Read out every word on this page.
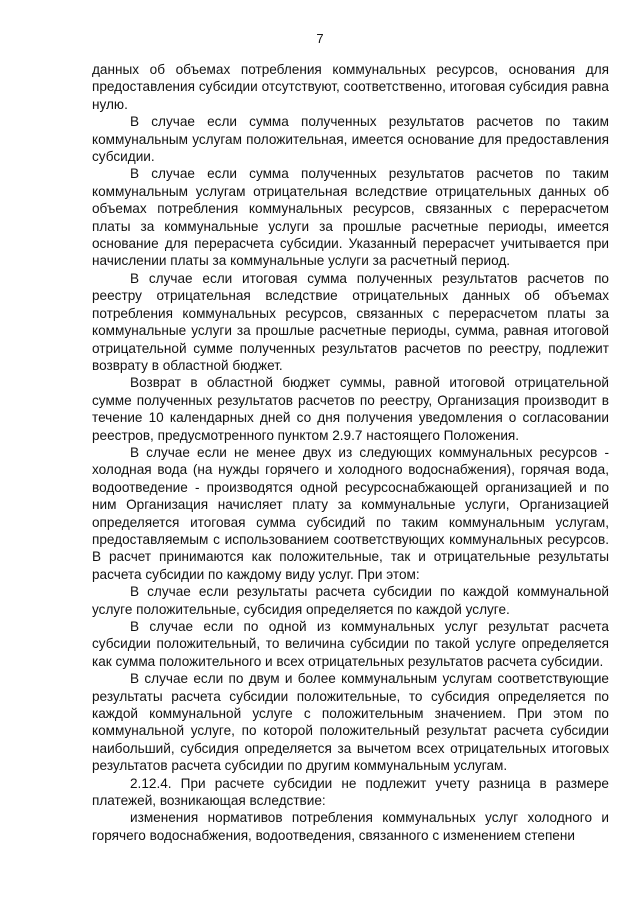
7

данных об объемах потребления коммунальных ресурсов, основания для предоставления субсидии отсутствуют, соответственно, итоговая субсидия равна нулю.

В случае если сумма полученных результатов расчетов по таким коммунальным услугам положительная, имеется основание для предоставления субсидии.

В случае если сумма полученных результатов расчетов по таким коммунальным услугам отрицательная вследствие отрицательных данных об объемах потребления коммунальных ресурсов, связанных с перерасчетом платы за коммунальные услуги за прошлые расчетные периоды, имеется основание для перерасчета субсидии. Указанный перерасчет учитывается при начислении платы за коммунальные услуги за расчетный период.

В случае если итоговая сумма полученных результатов расчетов по реестру отрицательная вследствие отрицательных данных об объемах потребления коммунальных ресурсов, связанных с перерасчетом платы за коммунальные услуги за прошлые расчетные периоды, сумма, равная итоговой отрицательной сумме полученных результатов расчетов по реестру, подлежит возврату в областной бюджет.

Возврат в областной бюджет суммы, равной итоговой отрицательной сумме полученных результатов расчетов по реестру, Организация производит в течение 10 календарных дней со дня получения уведомления о согласовании реестров, предусмотренного пунктом 2.9.7 настоящего Положения.

В случае если не менее двух из следующих коммунальных ресурсов - холодная вода (на нужды горячего и холодного водоснабжения), горячая вода, водоотведение - производятся одной ресурсоснабжающей организацией и по ним Организация начисляет плату за коммунальные услуги, Организацией определяется итоговая сумма субсидий по таким коммунальным услугам, предоставляемым с использованием соответствующих коммунальных ресурсов. В расчет принимаются как положительные, так и отрицательные результаты расчета субсидии по каждому виду услуг. При этом:

В случае если результаты расчета субсидии по каждой коммунальной услуге положительные, субсидия определяется по каждой услуге.

В случае если по одной из коммунальных услуг результат расчета субсидии положительный, то величина субсидии по такой услуге определяется как сумма положительного и всех отрицательных результатов расчета субсидии.

В случае если по двум и более коммунальным услугам соответствующие результаты расчета субсидии положительные, то субсидия определяется по каждой коммунальной услуге с положительным значением. При этом по коммунальной услуге, по которой положительный результат расчета субсидии наибольший, субсидия определяется за вычетом всех отрицательных итоговых результатов расчета субсидии по другим коммунальным услугам.

2.12.4. При расчете субсидии не подлежит учету разница в размере платежей, возникающая вследствие:

изменения нормативов потребления коммунальных услуг холодного и горячего водоснабжения, водоотведения, связанного с изменением степени
